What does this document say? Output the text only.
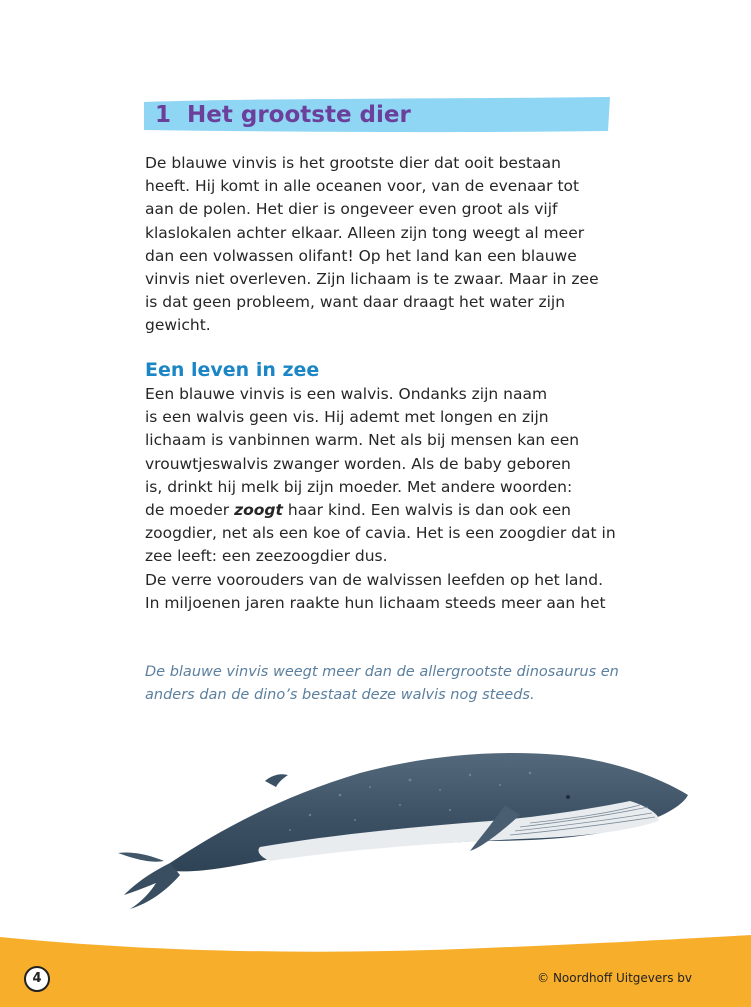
1 Het grootste dier

De blauwe vinvis is het grootste dier dat ooit bestaan
heeft. Hij komt in alle oceanen voor, van de evenaar tot
aan de polen. Het dier is ongeveer even groot als vijf
klaslokalen achter elkaar. Alleen zijn tong weegt al meer
dan een volwassen olifant! Op het land kan een blauwe
vinvis niet overleven. Zijn lichaam is te zwaar. Maar in zee
is dat geen probleem, want daar draagt het water zijn
gewicht.

Een leven in zee

Een blauwe vinvis is een walvis. Ondanks zijn naam
is een walvis geen vis. Hij ademt met longen en zijn
lichaam is vanbinnen warm. Net als bij mensen kan een
vrouwtjeswalvis zwanger worden. Als de baby geboren
is, drinkt hij melk bij zijn moeder. Met andere woorden:
de moeder zoogt haar kind. Een walvis is dan ook een
zoogdier, net als een koe of cavia. Het is een zoogdier dat in
zee leeft: een zeezoogdier dus.
De verre voorouders van de walvissen leefden op het land.
In miljoenen jaren raakte hun lichaam steeds meer aan het

De blauwe vinvis weegt meer dan de allergrootste dinosaurus en
anders dan de dino’s bestaat deze walvis nog steeds.

4	© Noordhoff Uitgevers bv
